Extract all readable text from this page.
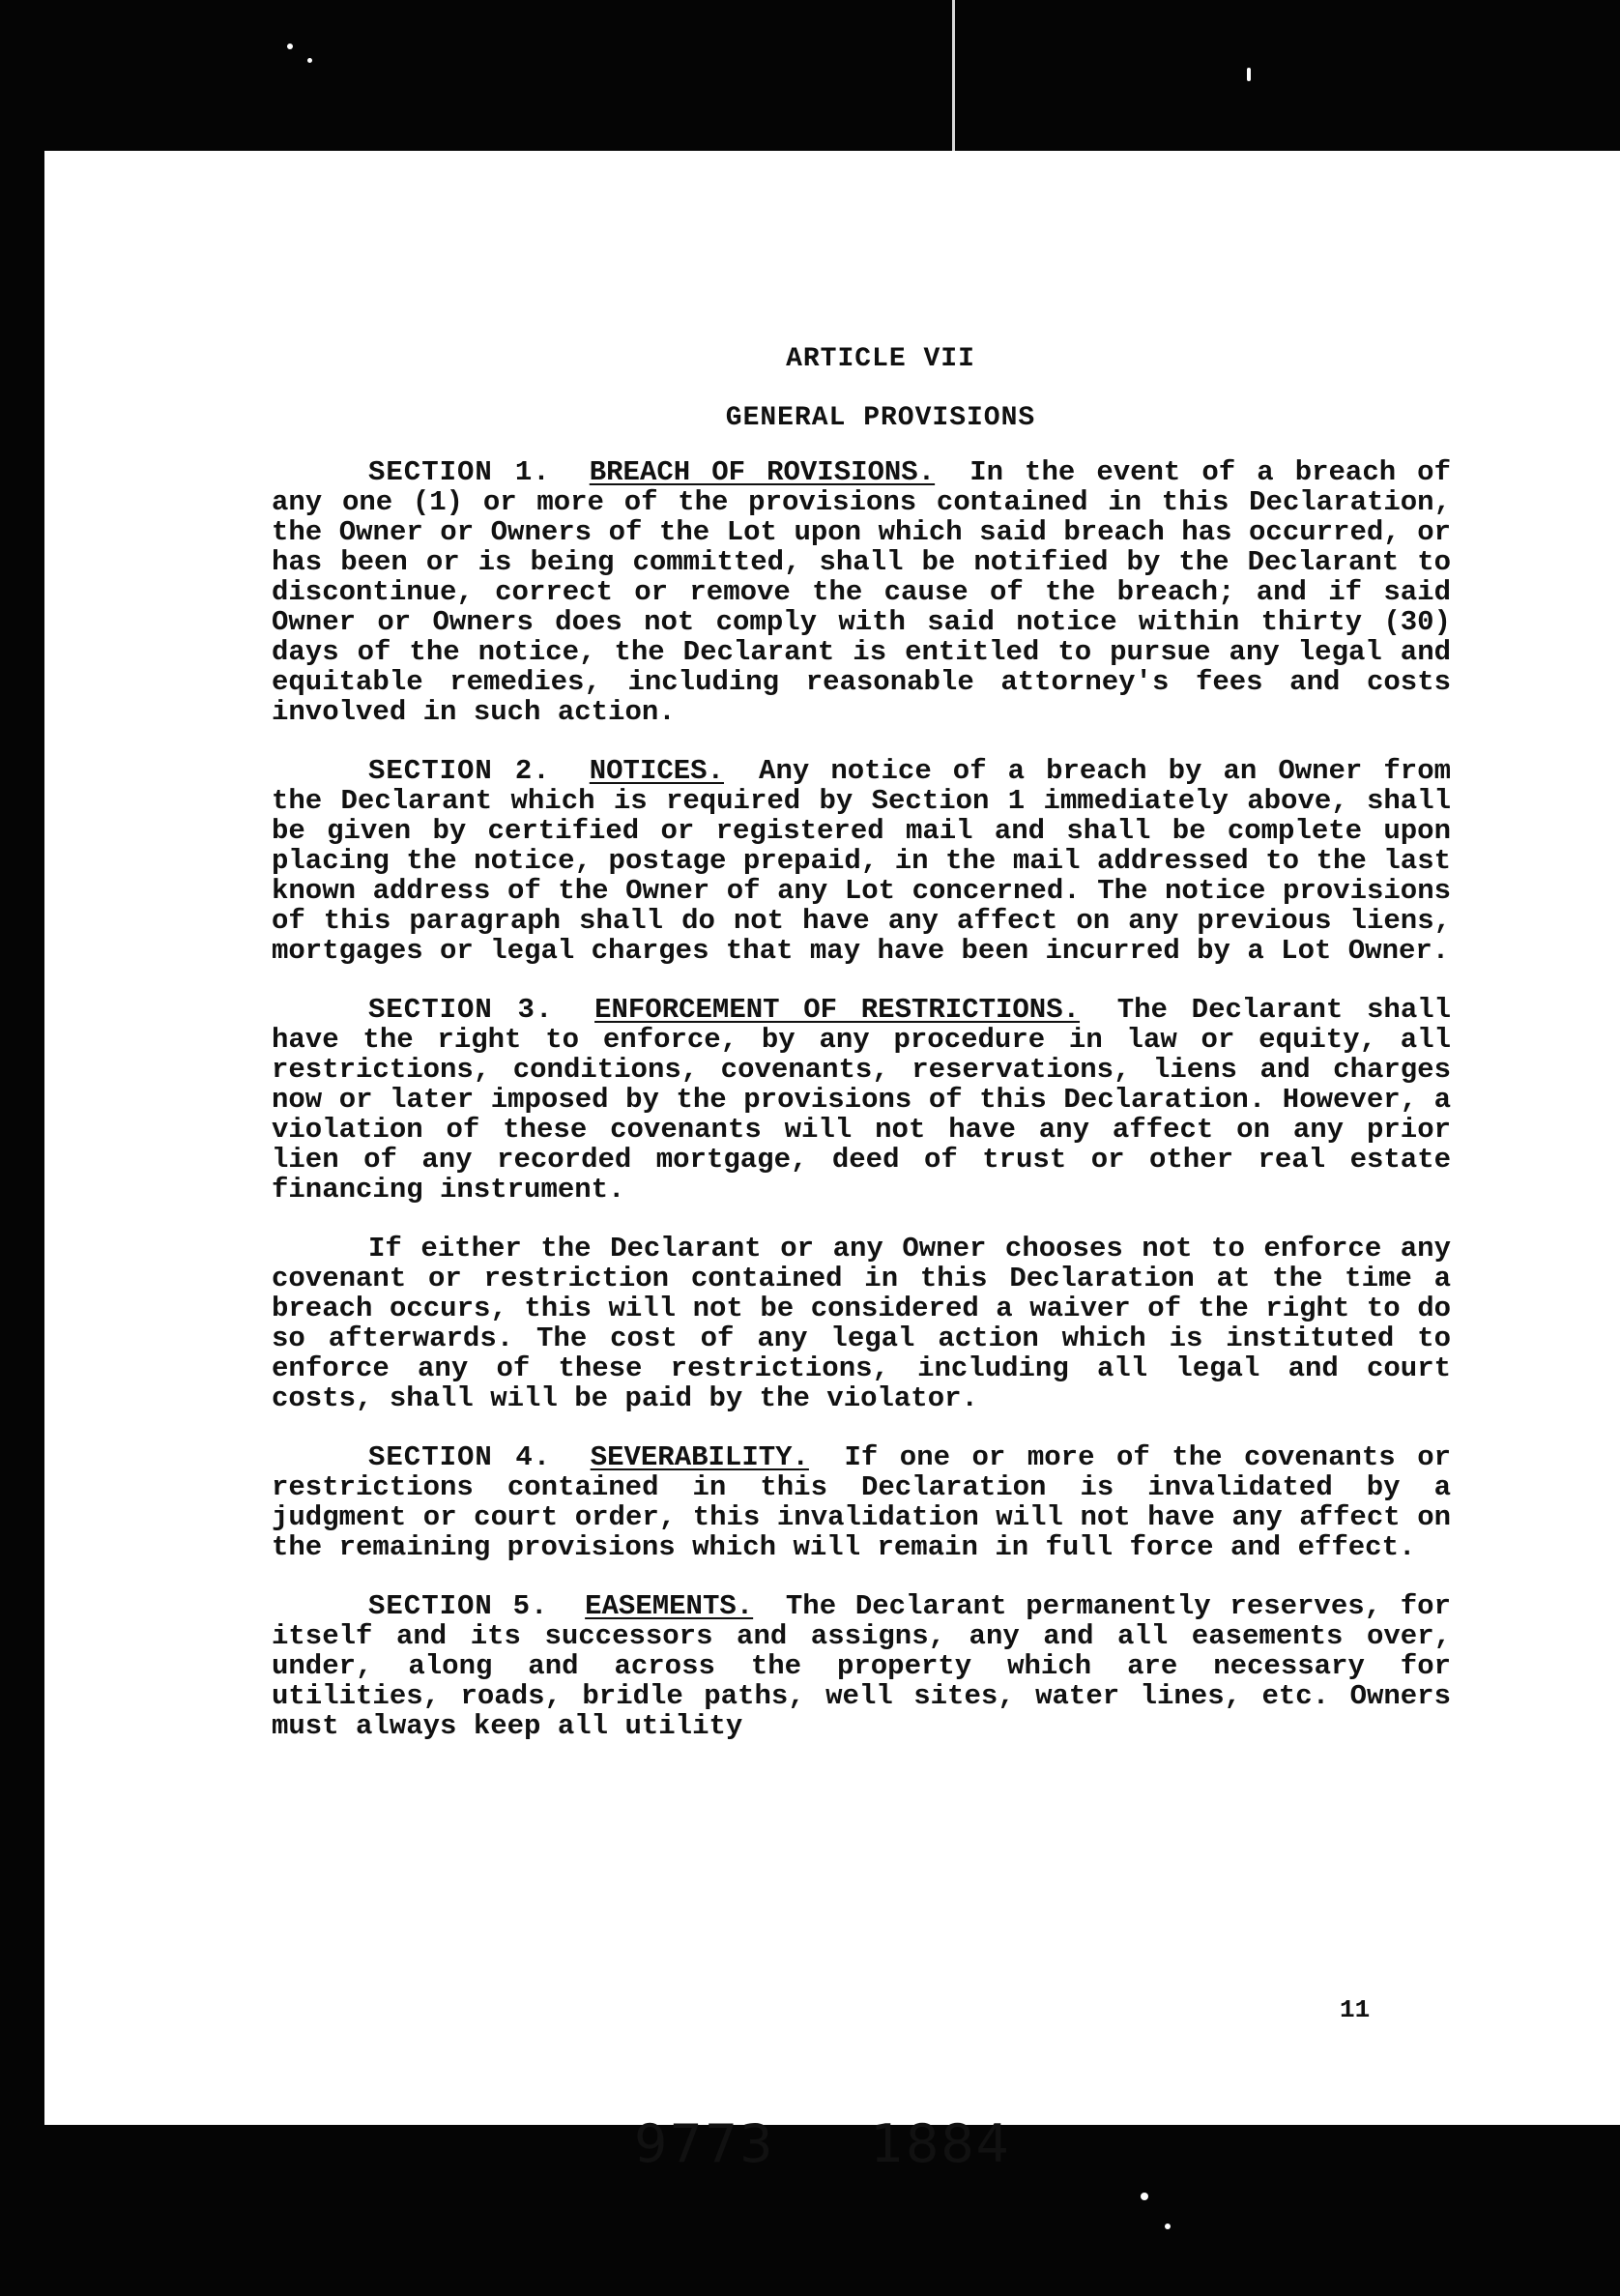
ARTICLE VII

GENERAL PROVISIONS

SECTION 1. BREACH OF ROVISIONS. In the event of a breach of any one (1) or more of the provisions contained in this Declaration, the Owner or Owners of the Lot upon which said breach has occurred, or has been or is being committed, shall be notified by the Declarant to discontinue, correct or remove the cause of the breach; and if said Owner or Owners does not comply with said notice within thirty (30) days of the notice, the Declarant is entitled to pursue any legal and equitable remedies, including reasonable attorney's fees and costs involved in such action.

SECTION 2. NOTICES. Any notice of a breach by an Owner from the Declarant which is required by Section 1 immediately above, shall be given by certified or registered mail and shall be complete upon placing the notice, postage prepaid, in the mail addressed to the last known address of the Owner of any Lot concerned. The notice provisions of this paragraph shall do not have any affect on any previous liens, mortgages or legal charges that may have been incurred by a Lot Owner.

SECTION 3. ENFORCEMENT OF RESTRICTIONS. The Declarant shall have the right to enforce, by any procedure in law or equity, all restrictions, conditions, covenants, reservations, liens and charges now or later imposed by the provisions of this Declaration. However, a violation of these covenants will not have any affect on any prior lien of any recorded mortgage, deed of trust or other real estate financing instrument.

If either the Declarant or any Owner chooses not to enforce any covenant or restriction contained in this Declaration at the time a breach occurs, this will not be considered a waiver of the right to do so afterwards. The cost of any legal action which is instituted to enforce any of these restrictions, including all legal and court costs, shall will be paid by the violator.

SECTION 4. SEVERABILITY. If one or more of the covenants or restrictions contained in this Declaration is invalidated by a judgment or court order, this invalidation will not have any affect on the remaining provisions which will remain in full force and effect.

SECTION 5. EASEMENTS. The Declarant permanently reserves, for itself and its successors and assigns, any and all easements over, under, along and across the property which are necessary for utilities, roads, bridle paths, well sites, water lines, etc. Owners must always keep all utility

11
9773 1884
